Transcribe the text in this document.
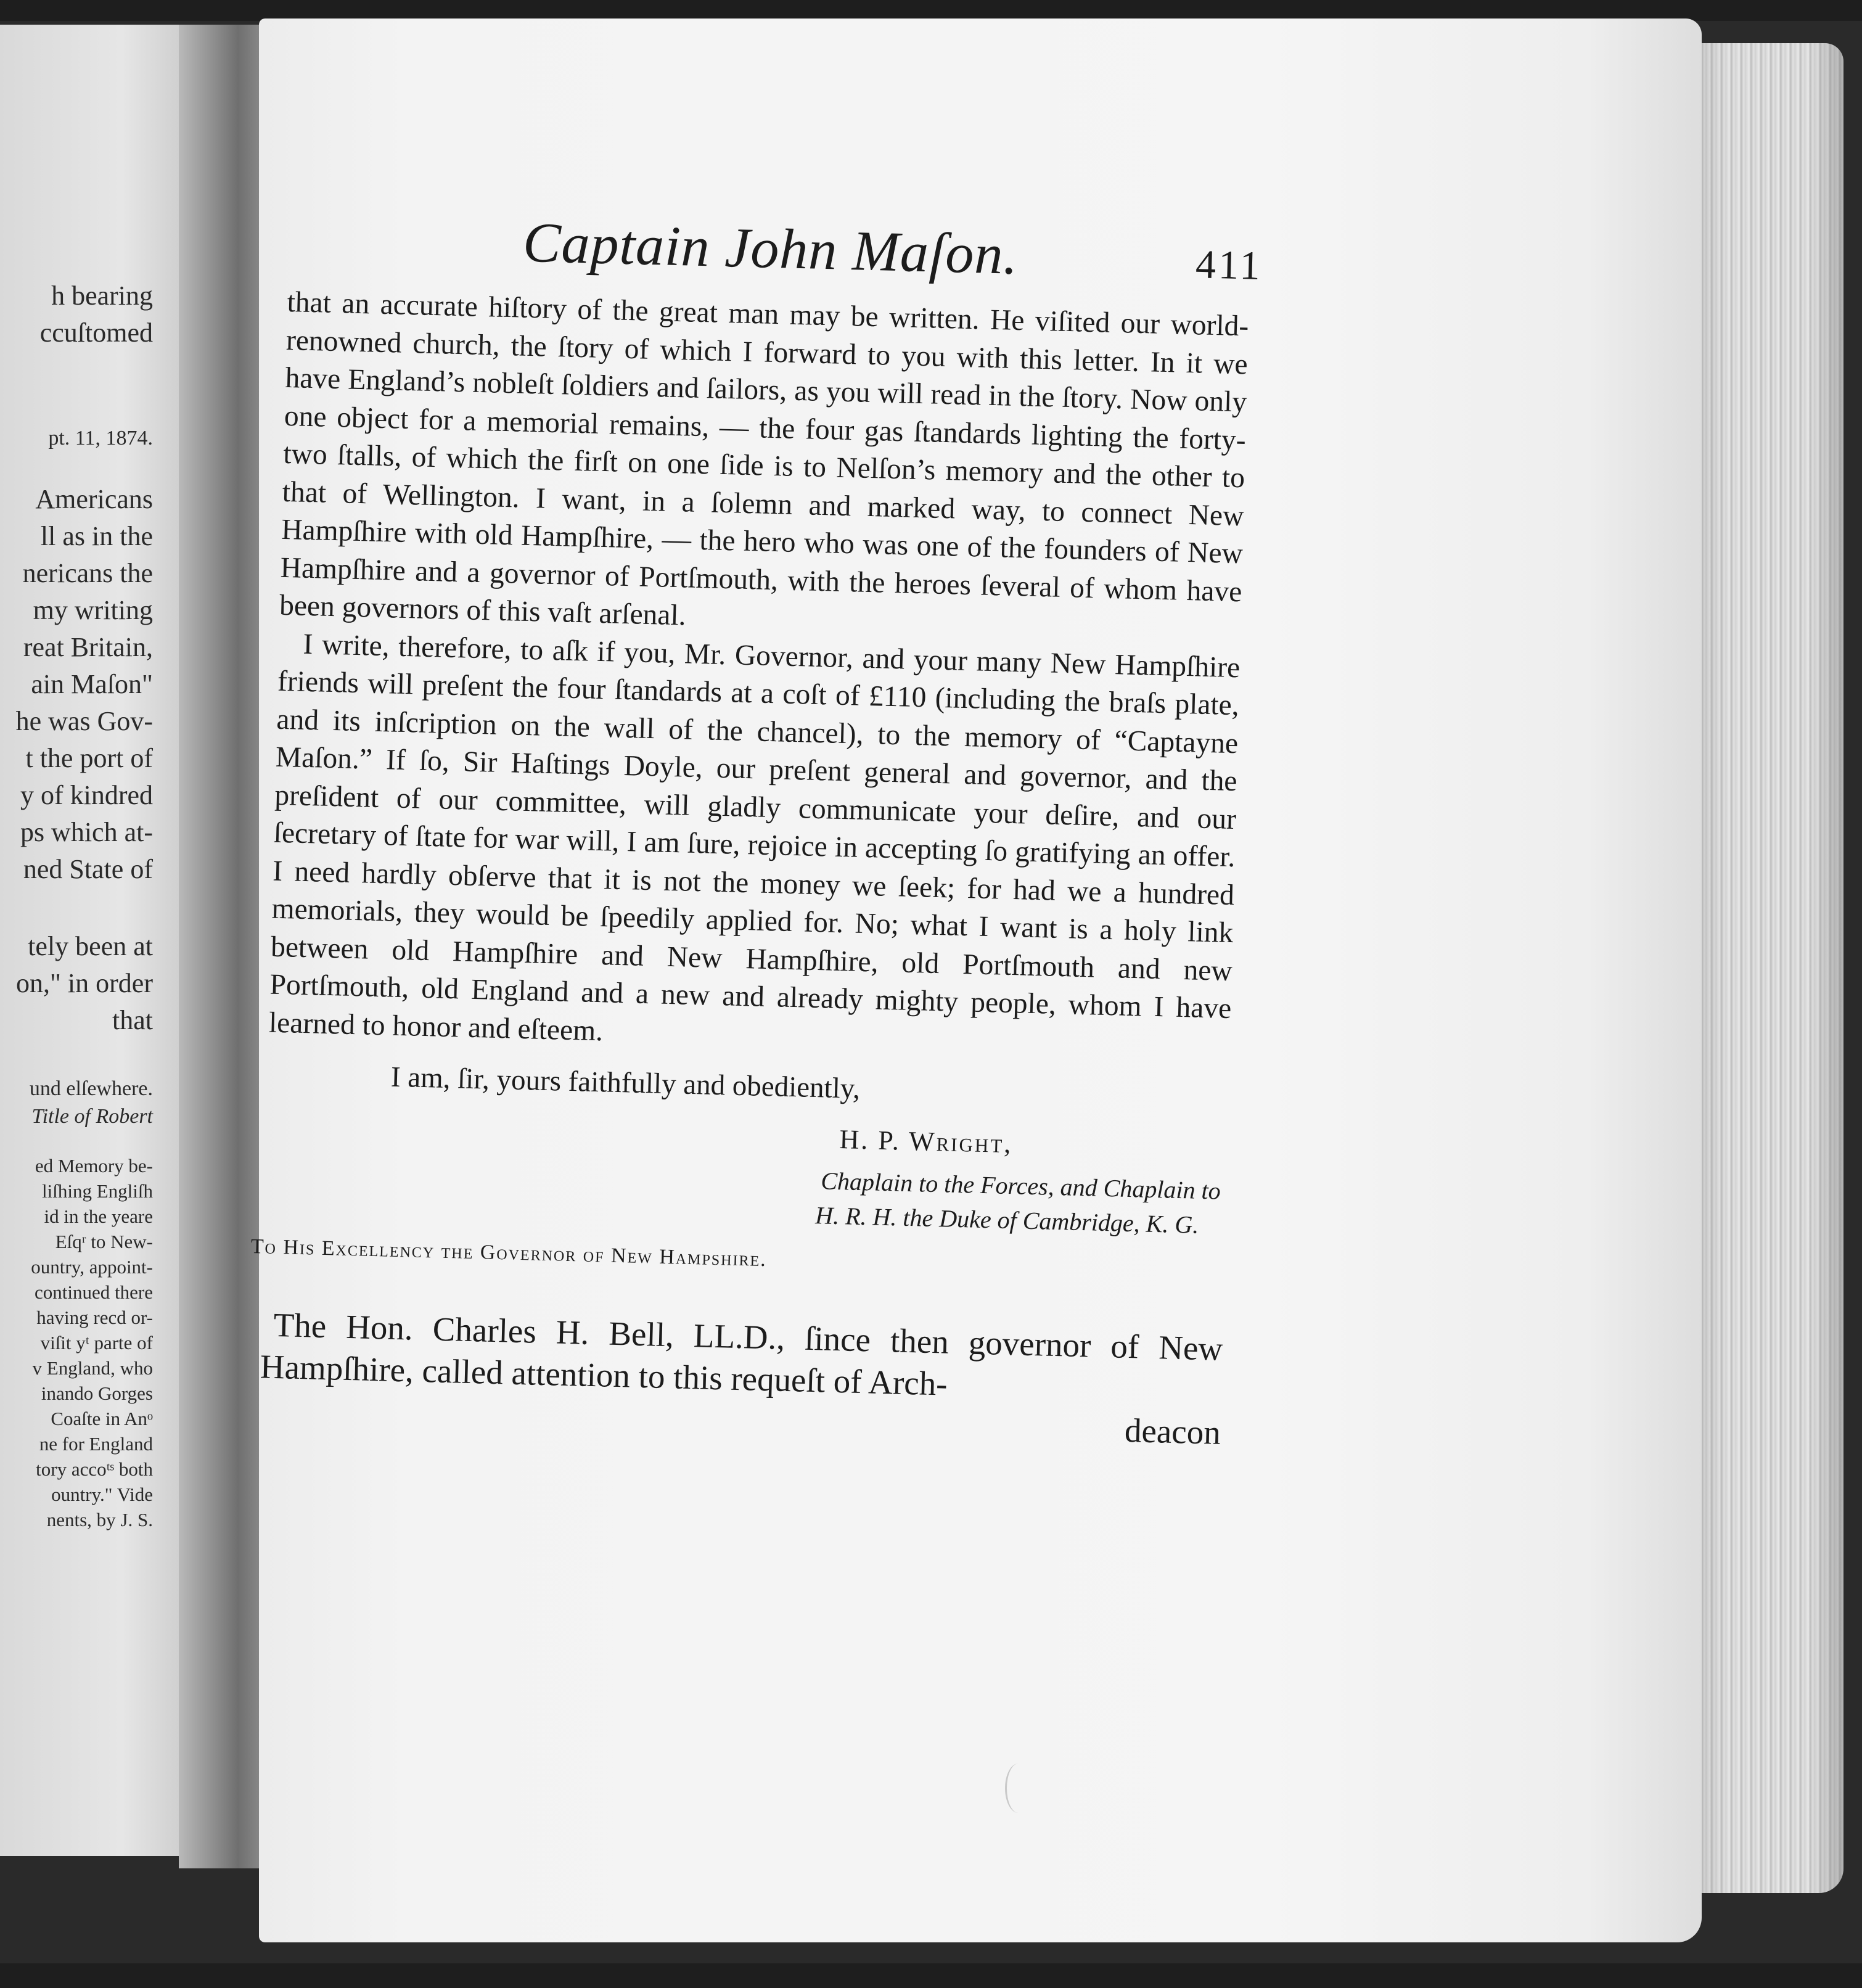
h bearing
ccuſtomed
pt. 11, 1874.
Americans
ll as in the
nericans the
my writing
reat Britain,
ain Maſon"
he was Gov-
t the port of
y of kindred
ps which at-
ned State of
tely been at
on," in order
that
und elſewhere.
Title of Robert
ed Memory be-
liſhing Engliſh
id in the yeare
Eſqʳ to New-
ountry, appoint-
continued there
having recd or-
viſit yᵗ parte of
v England, who
inando Gorges
Coaſte in Anᵒ
ne for England
tory accoᵗˢ both
ountry." Vide
nents, by J. S.
Captain John Maſon.	411

that an accurate hiſtory of the great man may be written. He viſited our world-renowned church, the ſtory of which I forward to you with this letter. In it we have England’s nobleſt ſoldiers and ſailors, as you will read in the ſtory. Now only one object for a memorial remains, — the four gas ſtandards lighting the forty-two ſtalls, of which the firſt on one ſide is to Nelſon’s memory and the other to that of Wellington. I want, in a ſolemn and marked way, to connect New Hampſhire with old Hampſhire, — the hero who was one of the founders of New Hampſhire and a governor of Portſmouth, with the heroes ſeveral of whom have been governors of this vaſt arſenal.

I write, therefore, to aſk if you, Mr. Governor, and your many New Hampſhire friends will preſent the four ſtandards at a coſt of £110 (including the braſs plate, and its inſcription on the wall of the chancel), to the memory of “Captayne Maſon.” If ſo, Sir Haſtings Doyle, our preſent general and governor, and the preſident of our committee, will gladly communicate your deſire, and our ſecretary of ſtate for war will, I am ſure, rejoice in accepting ſo gratifying an offer. I need hardly obſerve that it is not the money we ſeek; for had we a hundred memorials, they would be ſpeedily applied for. No; what I want is a holy link between old Hampſhire and New Hampſhire, old Portſmouth and new Portſmouth, old England and a new and already mighty people, whom I have learned to honor and eſteem.

I am, ſir, yours faithfully and obediently,
H. P. Wright,
Chaplain to the Forces, and Chaplain to
H. R. H. the Duke of Cambridge, K. G.
To His Excellency the Governor of New Hampshire.

The Hon. Charles H. Bell, LL.D., ſince then governor of New Hampſhire, called attention to this requeſt of Arch-

deacon
